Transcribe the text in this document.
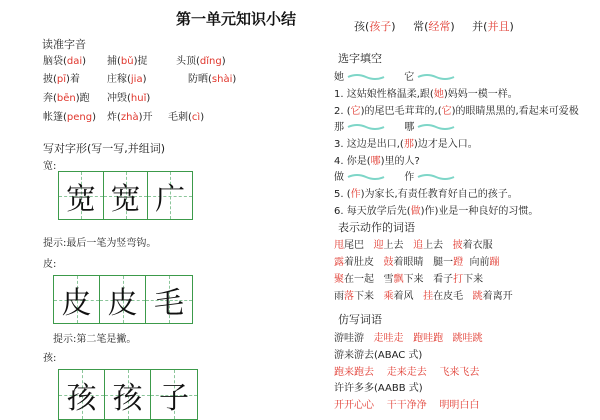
第一单元知识小结
读准字音
脑袋(dai) 捕(bǔ)捉	头顶(dǐng)
披(pī)着	庄稼(jia)	防晒(shài)
奔(bēn)跑 冲毁(huǐ)
帐篷(peng) 炸(zhà)开 毛刺(cì)
写对字形(写一写,并组词)
宽:
宽 宽 广
提示:最后一笔为竖弯钩。
皮:
皮 皮 毛
提示:第二笔是撇。
孩:
孩 孩 子
孩(孩子)     常(经常)     并(并且)
选字填空
她	它
1. 这姑娘性格温柔,跟(她)妈妈一模一样。
2. (它)的尾巴毛茸茸的,(它)的眼睛黑黑的,看起来可爱极
那	哪
3. 这边是出口,(那)边才是入口。
4. 你是(哪)里的人?
做	作
5. (作)为家长,有责任教育好自己的孩子。
6. 每天放学后先(做)作)业是一种良好的习惯。
表示动作的词语
甩尾巴 迎上去 追上去 披着衣服
露着肚皮 鼓着眼睛 腿一蹬 向前蹦
聚在一起 雪飘下来 看子打下来
雨落下来 乘着风 挂在皮毛 跳着离开
仿写词语
游哇游 走哇走 跑哇跑 跳哇跳
游来游去(ABAC 式)
跑来跑去 走来走去 飞来飞去
许许多多(AABB 式)
开开心心 干干净净 明明白白
